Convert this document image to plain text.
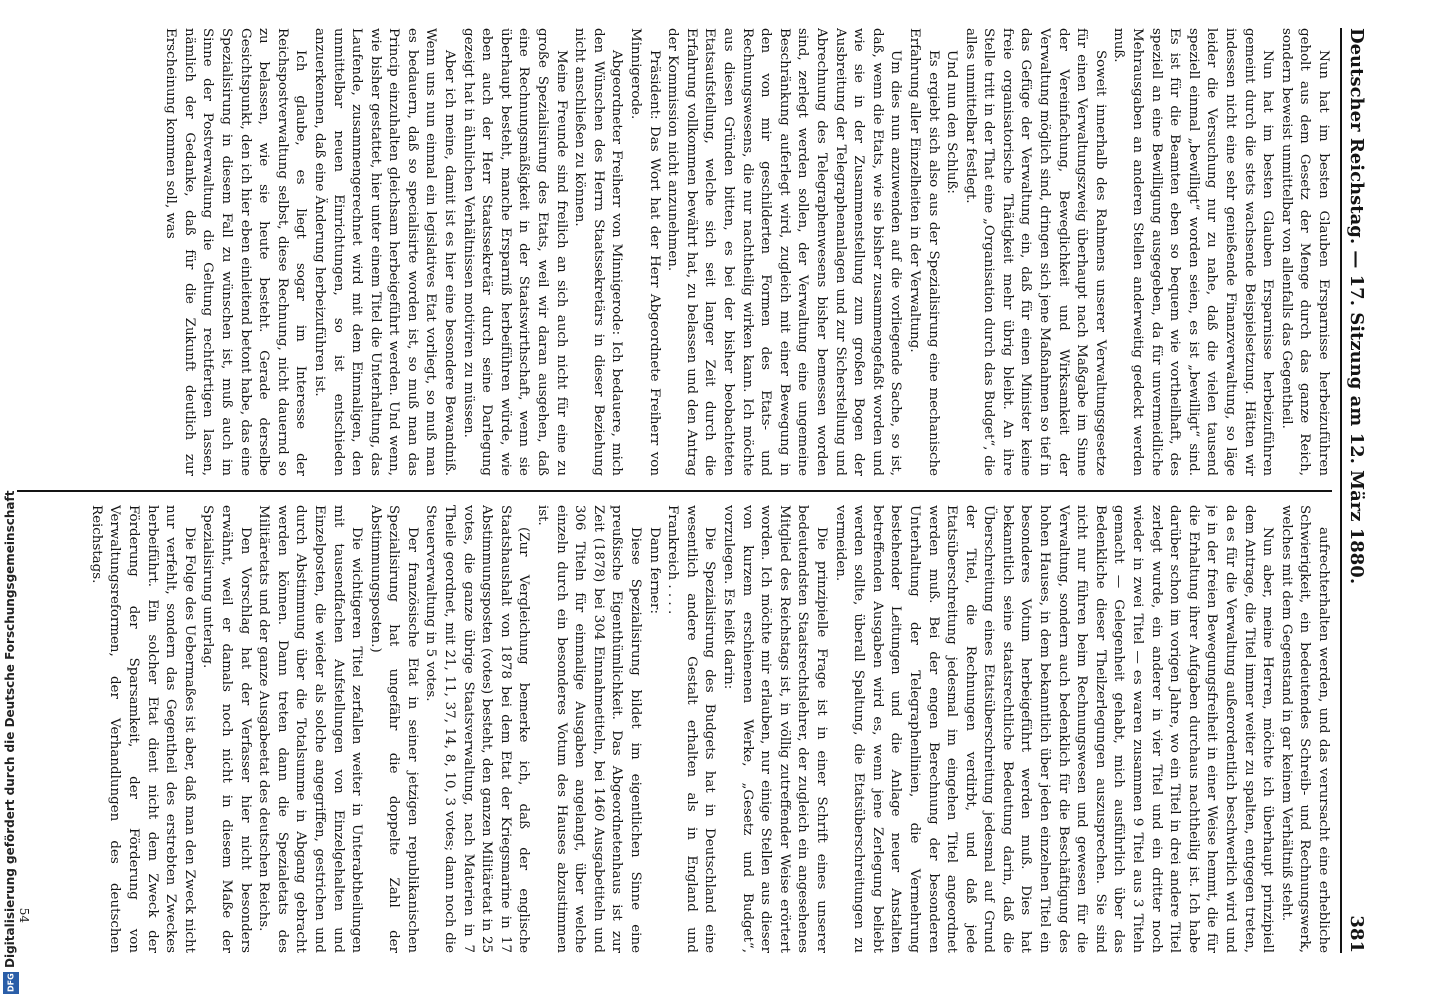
Deutscher Reichstag. — 17. Sitzung am 12. März 1880.
381

Nun hat im besten Glauben Ersparnisse herbeizuführen geholt aus dem Gesetz der Menge durch das ganze Reich, sondern beweist unmittelbar von allenfalls das Gegentheil.

Nun hat im besten Glauben Ersparnisse herbeizuführen gemeint durch die stets wachsende Beispielsetzung. Hätten wir indessen nicht eine sehr genießende Finanzverwaltung, so läge leider die Versuchung nur zu nahe, daß die vielen tausend speziell einmal „bewilligt“ worden seien, es ist „bewilligt“ sind. Es ist für die Beamten eben so bequem wie vortheilhaft, des speziell an eine Bewilligung ausgegeben, da für unvermeidliche Mehrausgaben an anderen Stellen anderweitig gedeckt werden muß.

Soweit innerhalb des Rahmens unserer Verwaltungsgesetze für einen Verwaltungszweig überhaupt nach Maßgabe im Sinne der Vereinfachung, Beweglichkeit und Wirksamkeit der Verwaltung möglich sind, dringen sich jene Maßnahmen so tief in das Gefüge der Verwaltung ein, daß für einen Minister keine freie organisatorische Thätigkeit mehr übrig bleibt. An ihre Stelle tritt in der That eine „Organisation durch das Budget“, die alles unmittelbar festlegt.

Und nun den Schluß:

Es ergiebt sich also aus der Spezialisirung eine mechanische Erfahrung aller Einzelheiten in der Verwaltung.

Um dies nun anzuwenden auf die vorliegende Sache, so ist, daß, wenn die Etats, wie sie bisher zusammengefaßt worden und wie sie in der Zusammenstellung zum großen Bogen der Ausbreitung der Telegraphenanlagen und zur Sicherstellung und Abrechnung des Telegraphenwesens bisher bemessen worden sind, zerlegt werden sollen, der Verwaltung eine ungemeine Beschränkung auferlegt wird, zugleich mit einer Bewegung in den von mir geschilderten Formen des Etats- und Rechnungswesens, die nur nachtheilig wirken kann. Ich möchte aus diesen Gründen bitten, es bei der bisher beobachteten Etatsaufstellung, welche sich seit langer Zeit durch die Erfahrung vollkommen bewährt hat, zu belassen und den Antrag der Kommission nicht anzunehmen.

Präsident: Das Wort hat der Herr Abgeordnete Freiherr von Minnigerode.

Abgeordneter Freiherr von Minnigerode: Ich bedauere, mich den Wünschen des Herrn Staatssekretärs in dieser Beziehung nicht anschließen zu können.

Meine Freunde sind freilich an sich auch nicht für eine zu große Spezialisirung des Etats, weil wir daran ausgehen, daß eine Rechnungsmäßigkeit in der Staatswirthschaft, wenn sie überhaupt besteht, manche Ersparniß herbeiführen würde, wie eben auch der Herr Staatssekretär durch seine Darlegung gezeigt hat in ähnlichen Verhältnissen motiviren zu müssen.

Aber ich meine, damit ist es hier eine besondere Bewandniß. Wenn uns nun einmal ein legislatives Etat vorliegt, so muß man es bedauern, daß so specialisirte worden ist, so muß man das Princip einzuhalten gleichsam herbeigeführt werden. Und wenn, wie bisher gestattet, hier unter einem Titel die Unterhaltung, das Laufende, zusammengerechnet wird mit dem Einmaligen, den unmittelbar neuen Einrichtungen, so ist entschieden anzuerkennen, daß eine Änderung herbeizuführen ist.

Ich glaube, es liegt sogar im Interesse der Reichspostverwaltung selbst, diese Rechnung, nicht dauernd so zu belassen, wie sie heute besteht. Gerade derselbe Gesichtspunkt, den ich hier eben einleitend betont habe, das eine Spezialisirung in diesem Fall zu wünschen ist, muß auch im Sinne der Postverwaltung die Geltung rechtfertigen lassen, nämlich der Gedanke, daß für die Zukunft deutlich zur Erscheinung kommen soll, was

aufrechterhalten werden, und das verursacht eine erhebliche Schwierigkeit, ein bedeutendes Schreib- und Rechnungswerk, welches mit dem Gegenstand in gar keinem Verhältniß steht.

Nun aber, meine Herren, möchte ich überhaupt prinzipiell dem Antrage, die Titel immer weiter zu spalten, entgegen treten, da es für die Verwaltung außerordentlich beschwerlich wird und je in der freien Bewegungsfreiheit in einer Weise hemmt, die für die Erhaltung ihrer Aufgaben durchaus nachtheilig ist. Ich habe darüber schon im vorigen Jahre, wo ein Titel in drei andere Titel zerlegt wurde, ein anderer in vier Titel und ein dritter noch wieder in zwei Titel — es waren zusammen 9 Titel aus 3 Titeln gemacht — Gelegenheit gehabt, mich ausführlich über das Bedenkliche dieser Theilzerlegungen auszusprechen. Sie sind nicht nur führen beim Rechnungswesen und gewesen für die Verwaltung, sondern auch bedenklich für die Beschäftigung des hohen Hauses, in dem bekanntlich über jeden einzelnen Titel ein besonderes Votum herbeigeführt werden muß. Dies hat bekanntlich seine staatsrechtliche Bedeutung darin, daß die Überschreitung eines Etatsüberschreitung jedesmal auf Grund der Titel, die Rechnungen verdirbt, und daß jede Etatsüberschreitung jedesmal im eingehen Titel angeordnet werden muß. Bei der engen Berechnung der besonderen Unterhaltung der Telegraphenlinien, die Vermehrung bestehender Leitungen und die Anlage neuer Anstalten betreffenden Ausgaben wird es, wenn jene Zerlegung beliebt werden sollte, überall Spaltung, die Etatsüberschreitungen zu vermeiden.

Die prinzipielle Frage ist in einer Schrift eines unserer bedeutendsten Staatsrechtslehrer, der zugleich ein angesehenes Mitglied des Reichstags ist, in völlig zutreffender Weise erörtert worden. Ich möchte mir erlauben, nur einige Stellen aus dieser von kurzem erschienenen Werke, „Gesetz und Budget“, vorzulegen. Es heißt darin:

Die Spezialisirung des Budgets hat in Deutschland eine wesentlich andere Gestalt erhalten als in England und Frankreich . . . .

Dann ferner:

Diese Spezialisirung bildet im eigentlichen Sinne eine preußische Eigenthümlichkeit. Das Abgeordnetenhaus ist zur Zeit (1878) bei 304 Einnahmetiteln, bei 1460 Ausgabetiteln und 306 Titeln für einmalige Ausgaben angelangt, über welche einzeln durch ein besonderes Votum des Hauses abzustimmen ist.

(Zur Vergleichung bemerke ich, daß der englische Staatshaushalt von 1878 bei dem Etat der Kriegsmarine in 17 Abstimmungsposten (votes) besteht, den ganzen Militäretat in 25 votes, die ganze übrige Staatsverwaltung, nach Materien in 7 Theile geordnet, mit 21, 11, 37, 14, 8, 10, 3 votes; dann noch die Steuerverwaltung in 5 votes.

Der französische Etat in seiner jetzigen republikanischen Spezialisirung hat ungefähr die doppelte Zahl der Abstimmungsposten.)

Die wichtigeren Titel zerfallen weiter in Unterabtheilungen mit tausendfachen Aufstellungen von Einzelgehalten und Einzelposten, die wieder als solche angegriffen, gestrichen und durch Abstimmung über die Totalsumme in Abgang gebracht werden können. Dann treten dann die Spezialetats des Militäretats und der ganze Ausgabeetat des deutschen Reichs.

Den Vorschlag hat der Verfasser hier nicht besonders erwähnt, weil er damals noch nicht in diesem Maße der Spezialisirung unterlag.

Die Folge des Uebermaßes ist aber, daß man den Zweck nicht nur verfehlt, sondern das Gegentheil des erstrebten Zweckes herbeiführt. Ein solcher Etat dient nicht dem Zweck der Förderung der Sparsamkeit, der Förderung von Verwaltungsreformen, der Verhandlungen des deutschen Reichstags.

54
Digitalisierung gefördert durch die Deutsche Forschungsgemeinschaft
DFG
